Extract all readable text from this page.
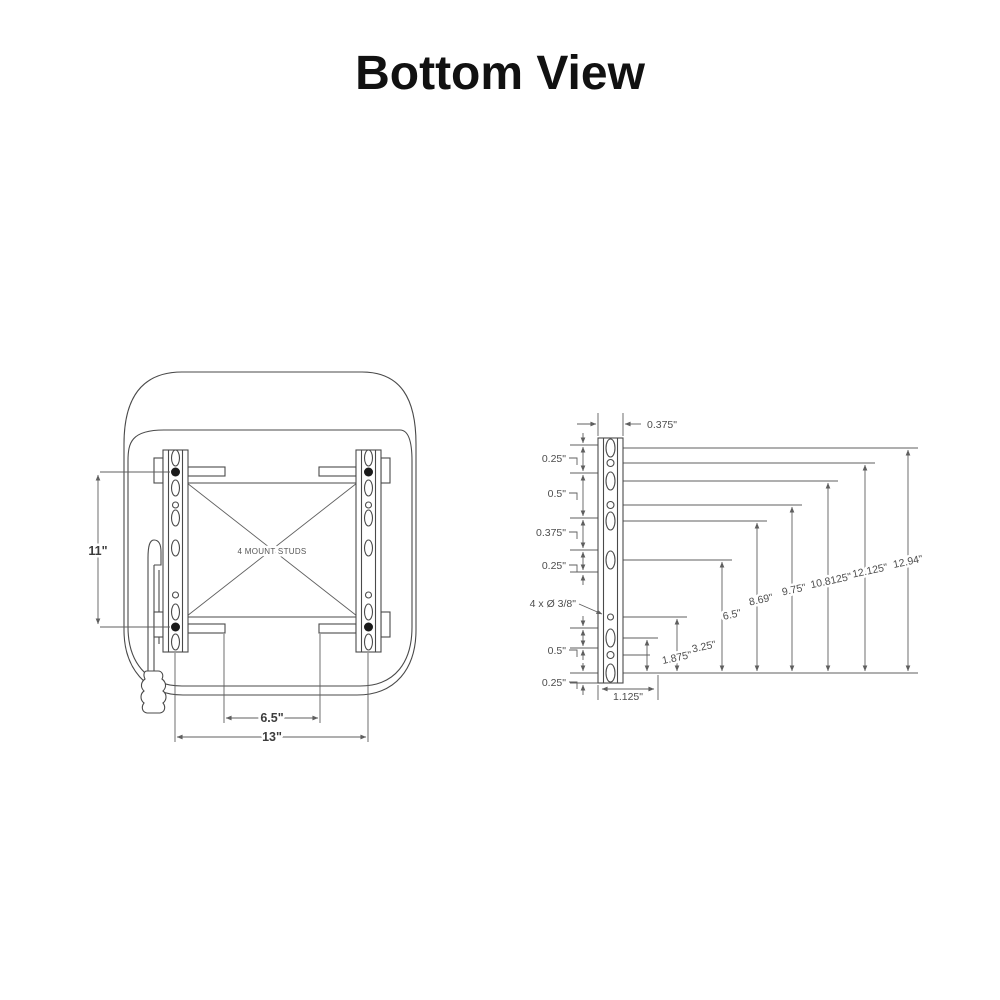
Bottom View
4 MOUNT STUDS
11"
6.5"
13"
0.375"
0.25"
0.5"
0.375"
0.25"
0.5"
0.25"
4 x Ø 3/8"
1.875"
3.25"
6.5"
8.69"
9.75" 10.8125"
12.125" 12.94"
1.125"
